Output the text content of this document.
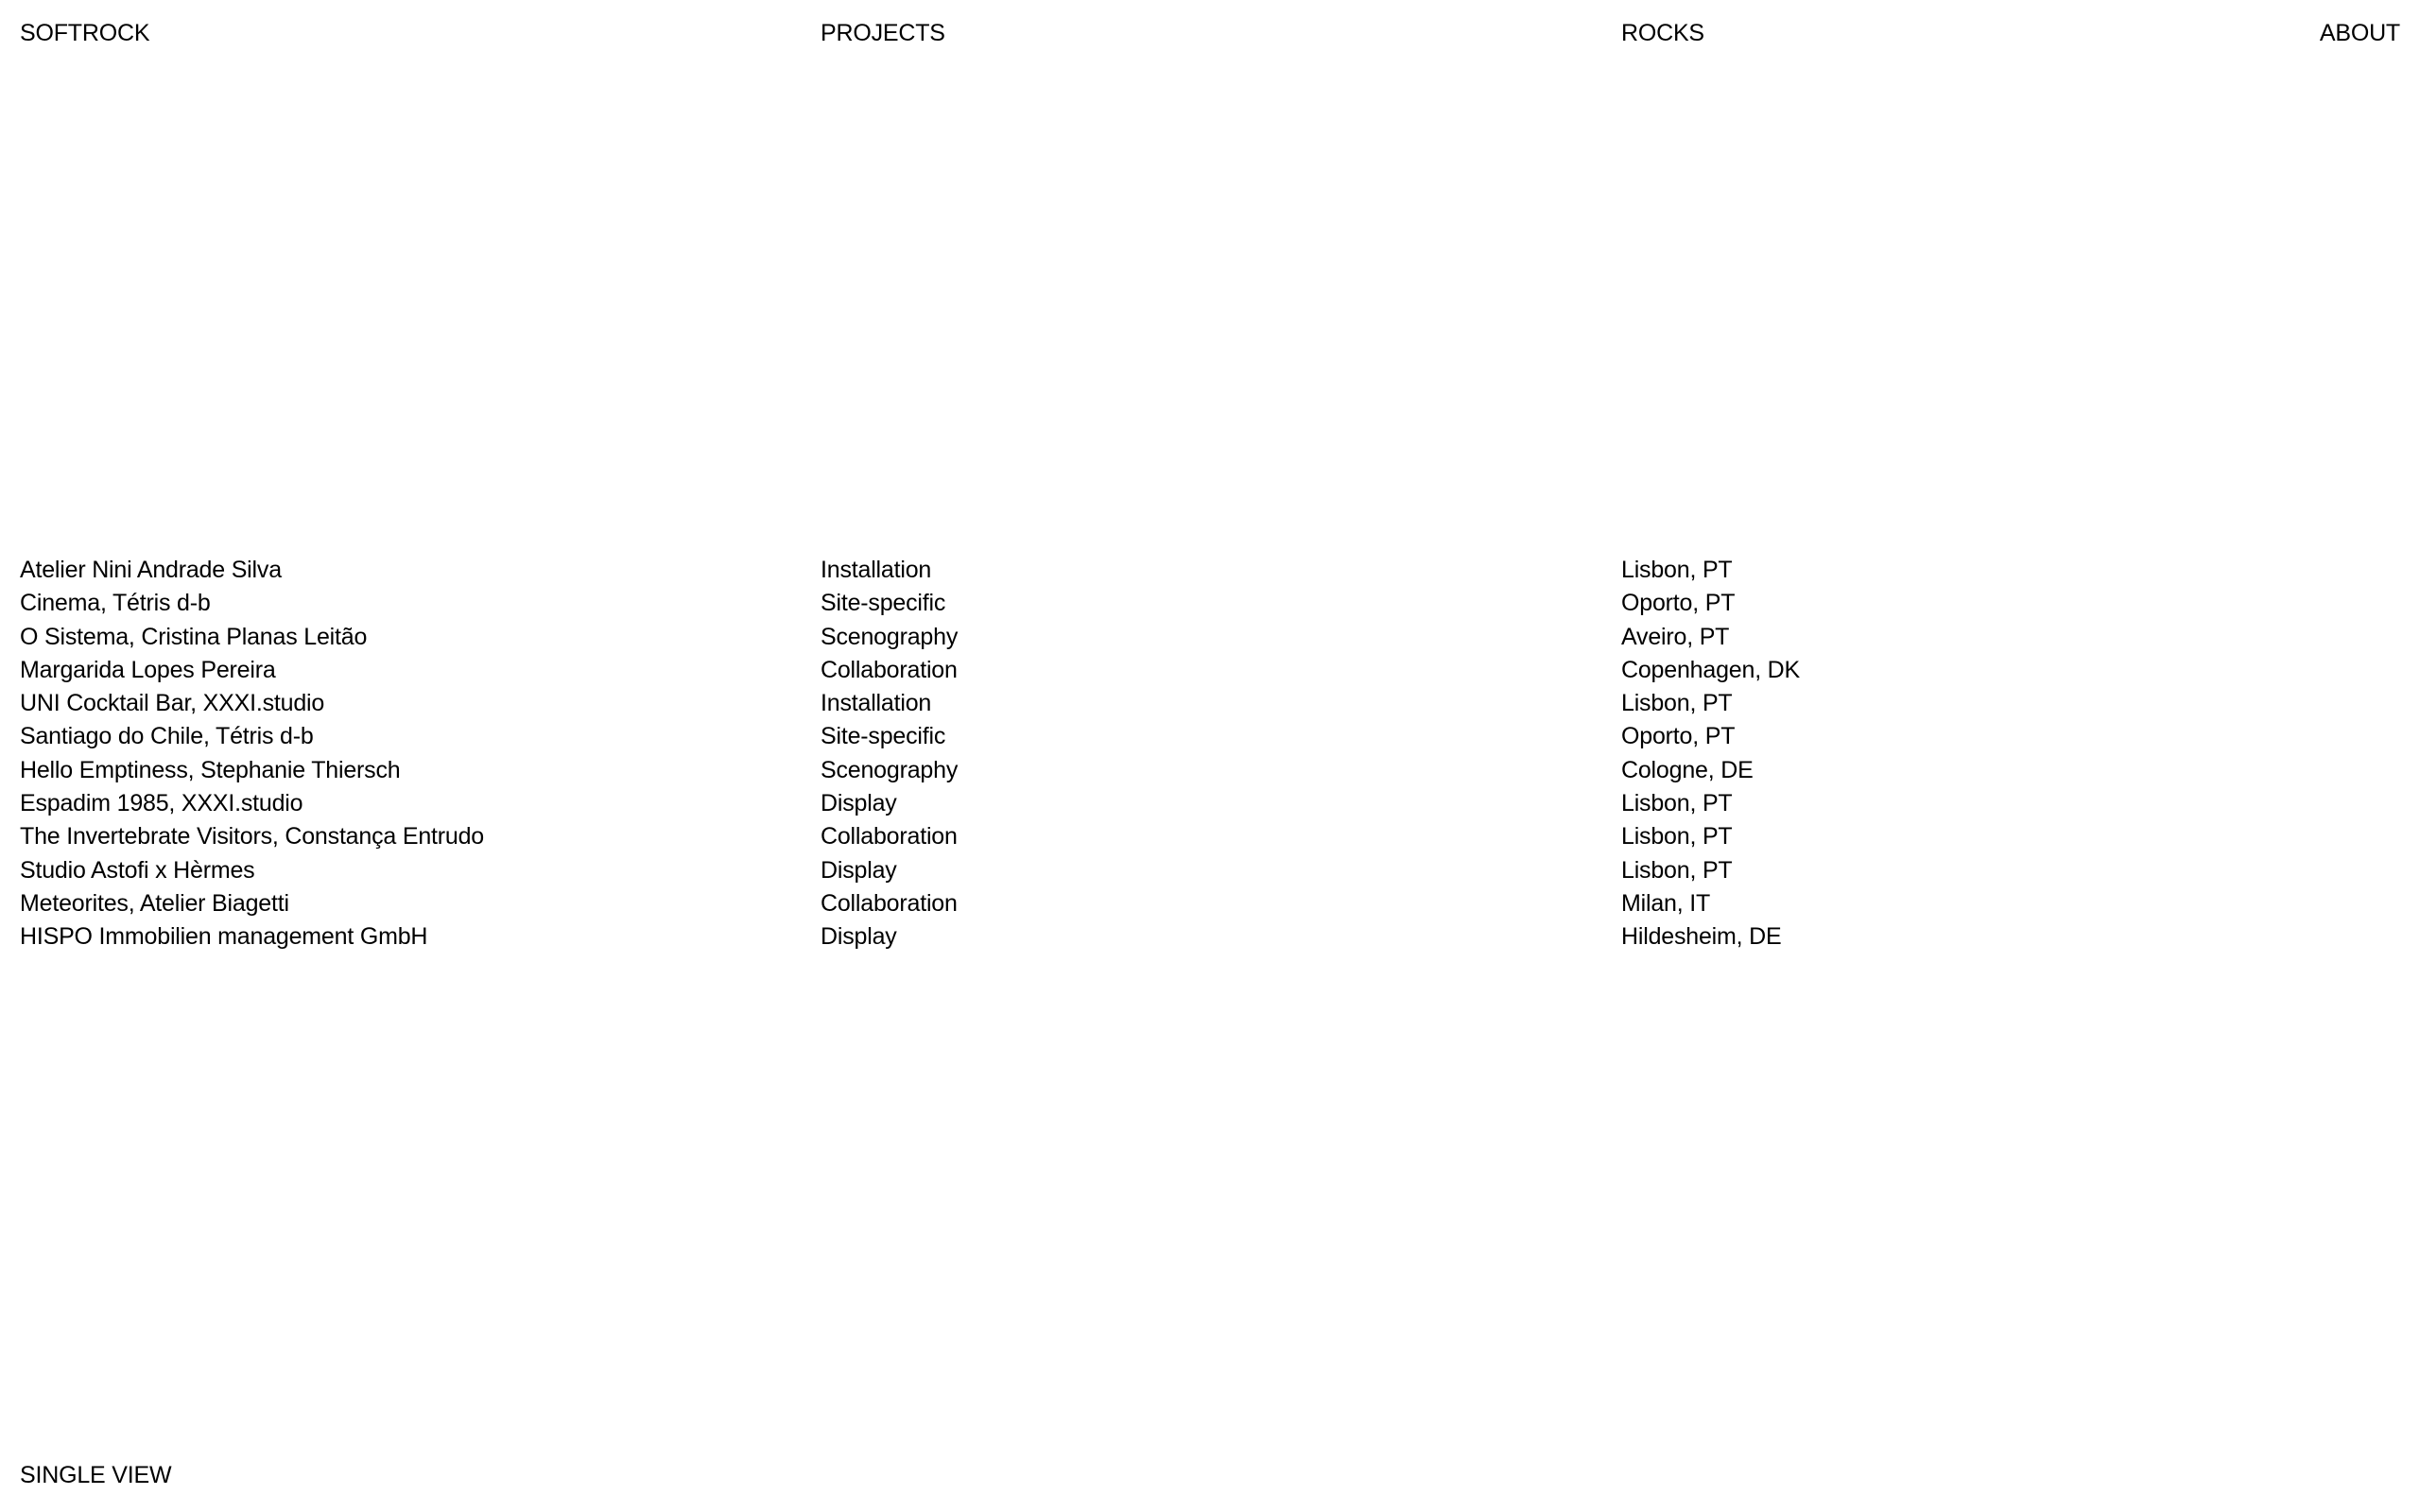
SOFTROCK	PROJECTS	ROCKS	ABOUT
Atelier Nini Andrade Silva	Installation	Lisbon, PT
Cinema, Tétris d-b	Site-specific	Oporto, PT
O Sistema, Cristina Planas Leitão	Scenography	Aveiro, PT
Margarida Lopes Pereira	Collaboration	Copenhagen, DK
UNI Cocktail Bar, XXXI.studio	Installation	Lisbon, PT
Santiago do Chile, Tétris d-b	Site-specific	Oporto, PT
Hello Emptiness, Stephanie Thiersch	Scenography	Cologne, DE
Espadim 1985, XXXI.studio	Display	Lisbon, PT
The Invertebrate Visitors, Constança Entrudo	Collaboration	Lisbon, PT
Studio Astofi x Hèrmes	Display	Lisbon, PT
Meteorites, Atelier Biagetti	Collaboration	Milan, IT
HISPO Immobilien management GmbH	Display	Hildesheim, DE
SINGLE VIEW
